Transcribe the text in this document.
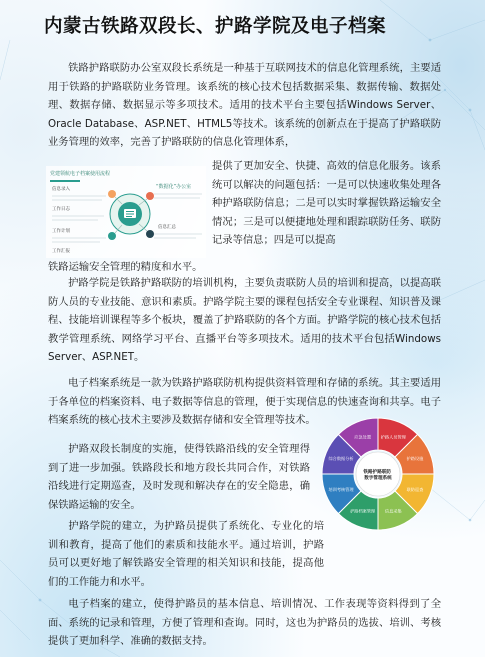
内蒙古铁路双段长、护路学院及电子档案
铁路护路联防办公室双段长系统是一种基于互联网技术的信息化管理系统，主要适用于铁路的护路联防业务管理。该系统的核心技术包括数据采集、数据传输、数据处理、数据存储、数据显示等多项技术。适用的技术平台主要包括Windows Server、Oracle Database、ASP.NET、HTML5等技术。该系统的创新点在于提高了护路联防业务管理的效率，完善了护路联防的信息化管理体系，
党建领航电子档案使用流程
信息录入
工作日志
工作计划
工作汇报
“数据化”办公室
信息汇总
提供了更加安全、快捷、高效的信息化服务。该系统可以解决的问题包括：一是可以快速收集处理各种护路联防信息；二是可以实时掌握铁路运输安全情况；三是可以便捷地处理和跟踪联防任务、联防记录等信息；四是可以提高
铁路运输安全管理的精度和水平。
护路学院是铁路护路联防的培训机构，主要负责联防人员的培训和提高，以提高联防人员的专业技能、意识和素质。护路学院主要的课程包括安全专业课程、知识普及课程、技能培训课程等多个板块，覆盖了护路联防的各个方面。护路学院的核心技术包括教学管理系统、网络学习平台、直播平台等多项技术。适用的技术平台包括Windows Server、ASP.NET。
电子档案系统是一款为铁路护路联防机构提供资料管理和存储的系统。其主要适用于各单位的档案资料、电子数据等信息的管理，便于实现信息的快速查询和共享。电子档案系统的核心技术主要涉及数据存储和安全管理等技术。
护路人员管理
护路设施
联防巡查
信息采集
护路档案管理
培训考核管理
综合数据分析
应急处置
铁路护路联防 数字管理系统
护路双段长制度的实施，使得铁路沿线的安全管理得到了进一步加强。铁路段长和地方段长共同合作，对铁路沿线进行定期巡查，及时发现和解决存在的安全隐患，确保铁路运输的安全。
护路学院的建立，为护路员提供了系统化、专业化的培训和教育，提高了他们的素质和技能水平。通过培训，护路员可以更好地了解铁路安全管理的相关知识和技能，提高他们的工作能力和水平。
电子档案的建立，使得护路员的基本信息、培训情况、工作表现等资料得到了全面、系统的记录和管理，方便了管理和查询。同时，这也为护路员的选拔、培训、考核提供了更加科学、准确的数据支持。
